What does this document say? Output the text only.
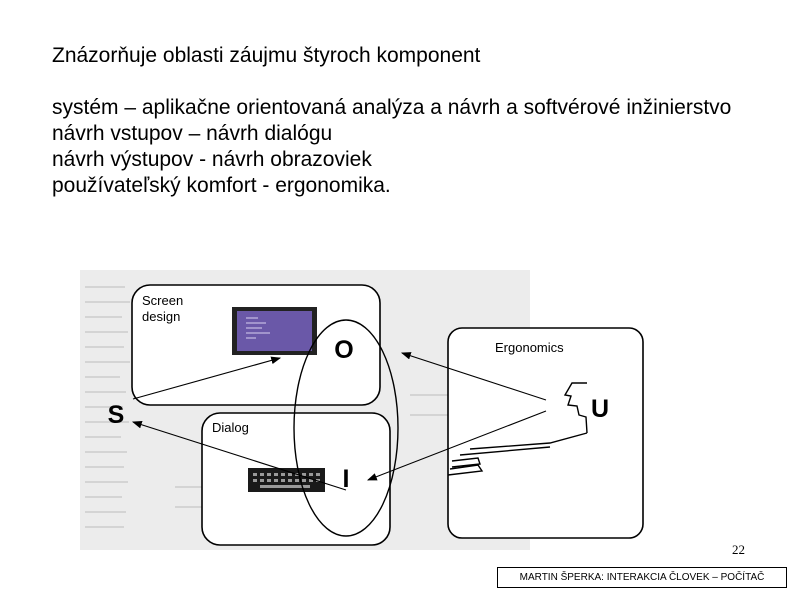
Znázorňuje oblasti záujmu štyroch komponent
systém – aplikačne orientovaná analýza a návrh a softvérové inžinierstvo
návrh vstupov – návrh dialógu
návrh výstupov - návrh obrazoviek
používateľský komfort - ergonomika.
Screen
design
O
Dialog
I
Ergonomics
U
S
22
MARTIN ŠPERKA: INTERAKCIA ČLOVEK – POČÍTAČ
